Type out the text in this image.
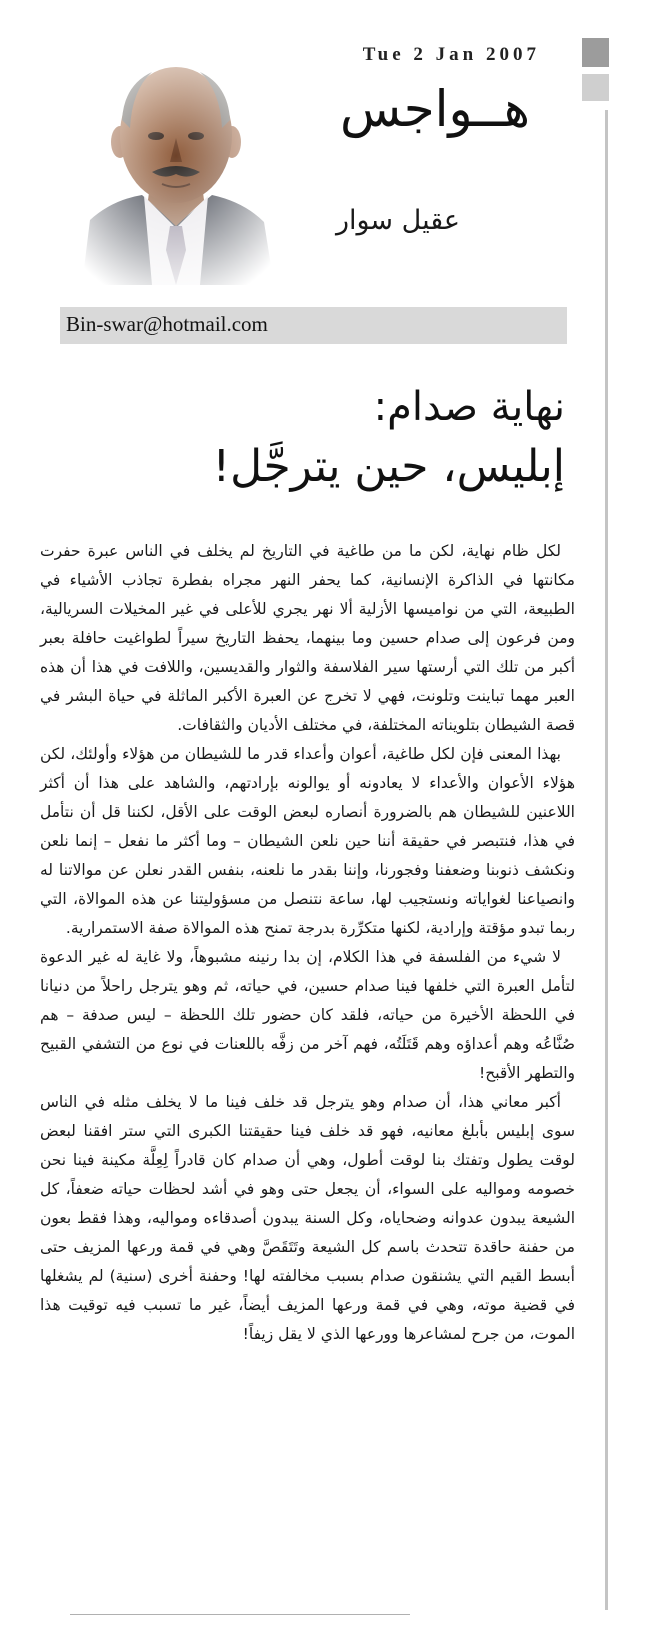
Tue 2 Jan 2007
هــواجس
عقيل سوار
Bin-swar@hotmail.com
نهاية صدام:
إبليس، حين يترجَّل!

لكل ظام نهاية، لكن ما من طاغية في التاريخ لم يخلف في الناس عبرة حفرت مكانتها في الذاكرة الإنسانية، كما يحفر النهر مجراه بفطرة تجاذب الأشياء في الطبيعة، التي من نواميسها الأزلية ألا نهر يجري للأعلى في غير المخيلات السريالية، ومن فرعون إلى صدام حسين وما بينهما، يحفظ التاريخ سيراً لطواغيت حافلة بعبر أكبر من تلك التي أرستها سير الفلاسفة والثوار والقديسين، واللافت في هذا أن هذه العبر مهما تباينت وتلونت، فهي لا تخرج عن العبرة الأكبر الماثلة في حياة البشر في قصة الشيطان بتلويناته المختلفة، في مختلف الأديان والثقافات.

بهذا المعنى فإن لكل طاغية، أعوان وأعداء قدر ما للشيطان من هؤلاء وأولئك، لكن هؤلاء الأعوان والأعداء لا يعادونه أو يوالونه بإرادتهم، والشاهد على هذا أن أكثر اللاعنين للشيطان هم بالضرورة أنصاره لبعض الوقت على الأقل، لكننا قل أن نتأمل في هذا، فنتبصر في حقيقة أننا حين نلعن الشيطان – وما أكثر ما نفعل – إنما نلعن ونكشف ذنوبنا وضعفنا وفجورنا، وإننا بقدر ما نلعنه، بنفس القدر نعلن عن موالاتنا له وانصياعنا لغواياته ونستجيب لها، ساعة نتنصل من مسؤوليتنا عن هذه الموالاة، التي ربما تبدو مؤقتة وإرادية، لكنها متكرِّرة بدرجة تمنح هذه الموالاة صفة الاستمرارية.

لا شيء من الفلسفة في هذا الكلام، إن بدا رنينه مشبوهاً، ولا غاية له غير الدعوة لتأمل العبرة التي خلفها فينا صدام حسين، في حياته، ثم وهو يترجل راحلاً من دنيانا في اللحظة الأخيرة من حياته، فلقد كان حضور تلك اللحظة – ليس صدفة – هم صُنَّاعُه وهم أعداؤه وهم قَتَلَتُه، فهم آخر من زفَّه باللعنات في نوع من التشفي القبيح والتطهر الأقبح!

أكبر معاني هذا، أن صدام وهو يترجل قد خلف فينا ما لا يخلف مثله في الناس سوى إبليس بأبلغ معانيه، فهو قد خلف فينا حقيقتنا الكبرى التي ستر افقنا لبعض لوقت يطول وتفتك بنا لوقت أطول، وهي أن صدام كان قادراً لِعِلَّة مكينة فينا نحن خصومه ومواليه على السواء، أن يجعل حتى وهو في أشد لحظات حياته ضعفاً، كل الشيعة يبدون عدوانه وضحاياه، وكل السنة يبدون أصدقاءه ومواليه، وهذا فقط بعون من حفنة حاقدة تتحدث باسم كل الشيعة وتَتَقَصَّ وهي في قمة ورعها المزيف حتى أبسط القيم التي يشنقون صدام بسبب مخالفته لها! وحفنة أخرى (سنية) لم يشغلها في قضية موته، وهي في قمة ورعها المزيف أيضاً، غير ما تسبب فيه توقيت هذا الموت، من جرح لمشاعرها وورعها الذي لا يقل زيفاً!
